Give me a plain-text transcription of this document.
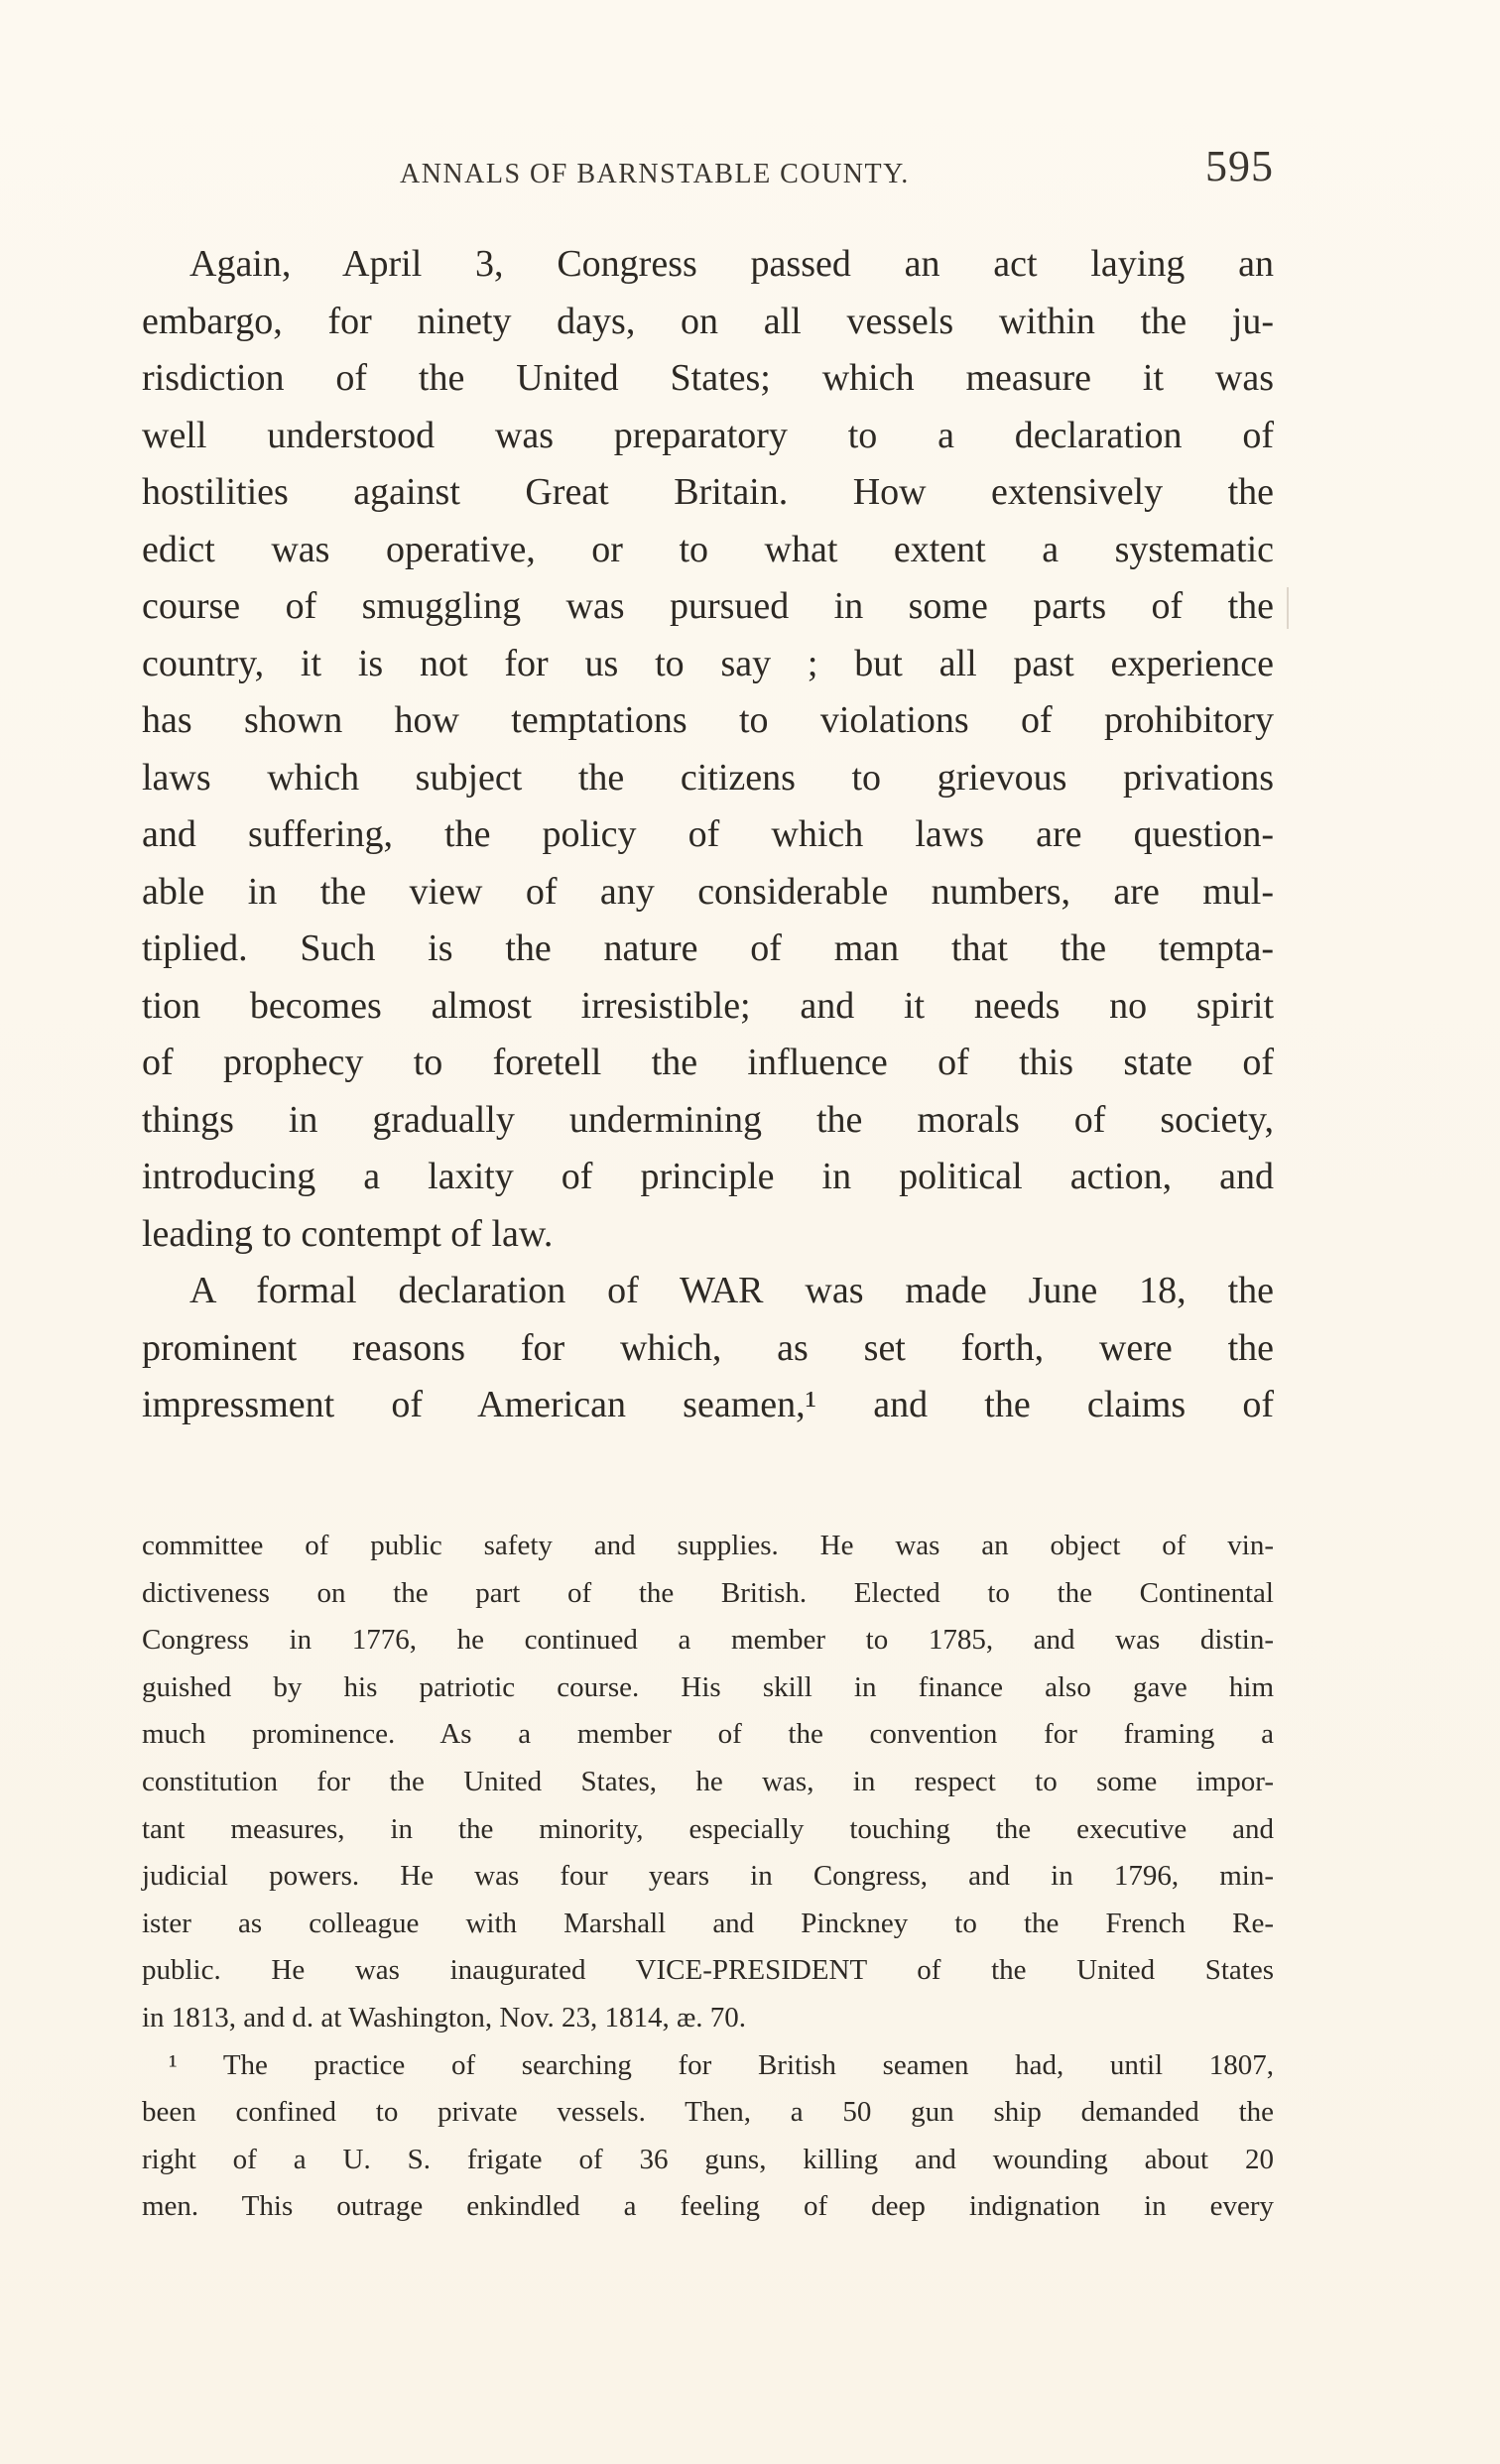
ANNALS OF BARNSTABLE COUNTY.	595
Again, April 3, Congress passed an act laying an
embargo, for ninety days, on all vessels within the ju-
risdiction of the United States; which measure it was
well understood was preparatory to a declaration of
hostilities against Great Britain. How extensively the
edict was operative, or to what extent a systematic
course of smuggling was pursued in some parts of the
country, it is not for us to say ; but all past experience
has shown how temptations to violations of prohibitory
laws which subject the citizens to grievous privations
and suffering, the policy of which laws are question-
able in the view of any considerable numbers, are mul-
tiplied. Such is the nature of man that the tempta-
tion becomes almost irresistible; and it needs no spirit
of prophecy to foretell the influence of this state of
things in gradually undermining the morals of society,
introducing a laxity of principle in political action, and
leading to contempt of law.
A formal declaration of WAR was made June 18, the
prominent reasons for which, as set forth, were the
impressment of American seamen,¹ and the claims of
committee of public safety and supplies. He was an object of vin-
dictiveness on the part of the British. Elected to the Continental
Congress in 1776, he continued a member to 1785, and was distin-
guished by his patriotic course. His skill in finance also gave him
much prominence. As a member of the convention for framing a
constitution for the United States, he was, in respect to some impor-
tant measures, in the minority, especially touching the executive and
judicial powers. He was four years in Congress, and in 1796, min-
ister as colleague with Marshall and Pinckney to the French Re-
public. He was inaugurated VICE-PRESIDENT of the United States
in 1813, and d. at Washington, Nov. 23, 1814, æ. 70.
¹ The practice of searching for British seamen had, until 1807,
been confined to private vessels. Then, a 50 gun ship demanded the
right of a U. S. frigate of 36 guns, killing and wounding about 20
men. This outrage enkindled a feeling of deep indignation in every
